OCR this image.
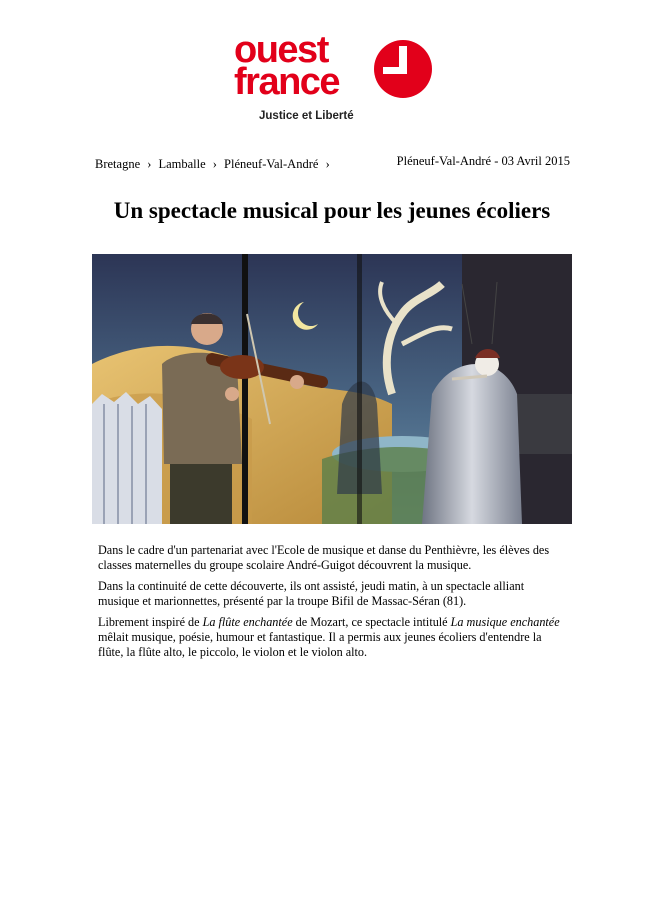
ouest
france
Justice et Liberté
Bretagne › Lamballe › Pléneuf-Val-André ›	Pléneuf-Val-André - 03 Avril 2015
Un spectacle musical pour les jeunes écoliers

Dans le cadre d'un partenariat avec l'Ecole de musique et danse du Penthièvre, les élèves des classes maternelles du groupe scolaire André-Guigot découvrent la musique.

Dans la continuité de cette découverte, ils ont assisté, jeudi matin, à un spectacle alliant musique et marionnettes, présenté par la troupe Bifil de Massac-Séran (81).

Librement inspiré de La flûte enchantée de Mozart, ce spectacle intitulé La musique enchantée mêlait musique, poésie, humour et fantastique. Il a permis aux jeunes écoliers d'entendre la flûte, la flûte alto, le piccolo, le violon et le violon alto.
